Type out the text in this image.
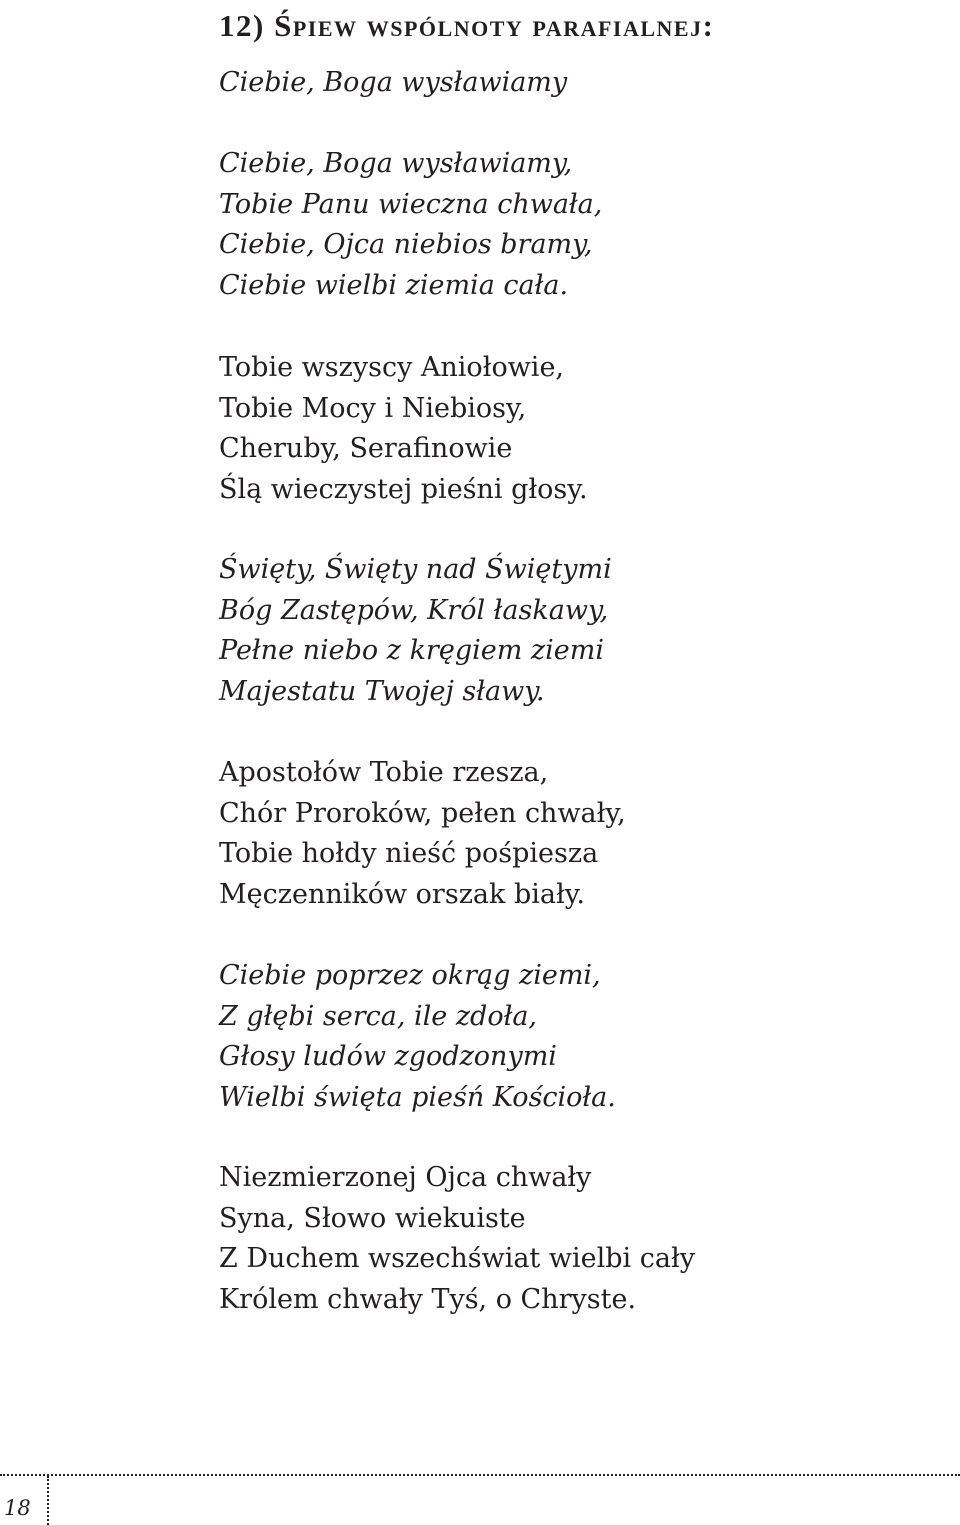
12) Śpiew wspólnoty parafialnej:
Ciebie, Boga wysławiamy
Ciebie, Boga wysławiamy,
Tobie Panu wieczna chwała,
Ciebie, Ojca niebios bramy,
Ciebie wielbi ziemia cała.
Tobie wszyscy Aniołowie,
Tobie Mocy i Niebiosy,
Cheruby, Serafinowie
Ślą wieczystej pieśni głosy.
Święty, Święty nad Świętymi
Bóg Zastępów, Król łaskawy,
Pełne niebo z kręgiem ziemi
Majestatu Twojej sławy.
Apostołów Tobie rzesza,
Chór Proroków, pełen chwały,
Tobie hołdy nieść pośpiesza
Męczenników orszak biały.
Ciebie poprzez okrąg ziemi,
Z głębi serca, ile zdoła,
Głosy ludów zgodzonymi
Wielbi święta pieśń Kościoła.
Niezmierzonej Ojca chwały
Syna, Słowo wiekuiste
Z Duchem wszechświat wielbi cały
Królem chwały Tyś, o Chryste.
18
